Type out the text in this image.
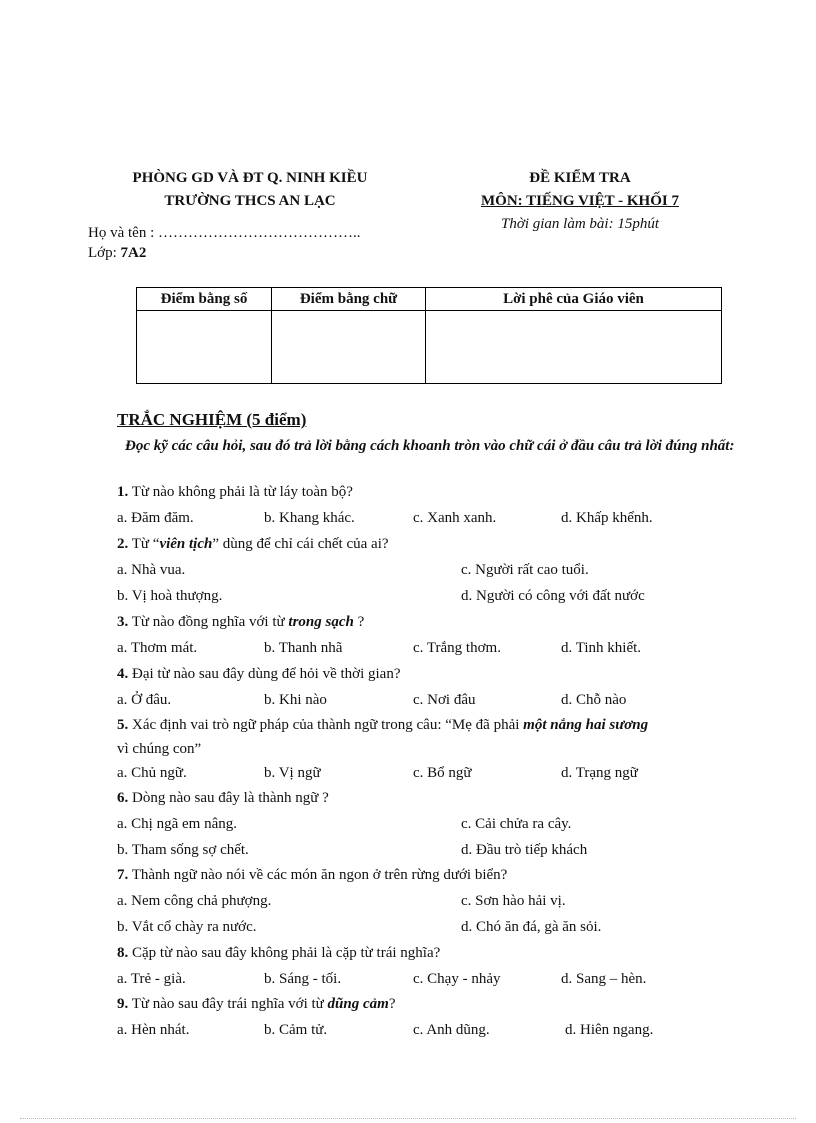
PHÒNG GD VÀ ĐT Q. NINH KIỀU
TRƯỜNG THCS AN LẠC
ĐỀ KIỂM TRA
MÔN: TIẾNG VIỆT - KHỐI 7
Thời gian làm bài: 15phút
Họ và tên : …………………………………..
Lớp: 7A2
Điểm bằng số	Điểm bằng chữ	Lời phê của Giáo viên

TRẮC NGHIỆM (5 điểm)
Đọc kỹ các câu hỏi, sau đó trả lời bằng cách khoanh tròn vào chữ cái ở đầu câu trả lời đúng nhất:
1. Từ nào không phải là từ láy toàn bộ?
a. Đăm đăm.	b. Khang khác.	c. Xanh xanh.	d. Khấp khểnh.
2. Từ “viên tịch” dùng để chỉ cái chết của ai?
a. Nhà vua.	c. Người rất cao tuổi.
b. Vị hoà thượng.	d. Người có công với đất nước
3. Từ nào đồng nghĩa với từ trong sạch ?
a. Thơm mát.	b. Thanh nhã	c. Trắng thơm.	d. Tinh khiết.
4. Đại từ nào sau đây dùng để hỏi về thời gian?
a. Ở đâu.	b. Khi nào	c. Nơi đâu	d. Chỗ nào
5. Xác định vai trò ngữ pháp của thành ngữ trong câu: “Mẹ đã phải một nắng hai sương
vì chúng con”
a. Chủ ngữ.	b. Vị ngữ	c. Bổ ngữ	d. Trạng ngữ
6. Dòng nào sau đây là thành ngữ ?
a. Chị ngã em nâng.	c. Cải chửa ra cây.
b. Tham sống sợ chết.	d. Đầu trò tiếp khách
7. Thành ngữ nào nói về các món ăn ngon ở trên rừng dưới biển?
a. Nem công chả phượng.	c. Sơn hào hải vị.
b. Vắt cổ chày ra nước.	d. Chó ăn đá, gà ăn sỏi.
8. Cặp từ nào sau đây không phải là cặp từ trái nghĩa?
a. Trẻ - già.	b. Sáng - tối.	c. Chạy - nhảy	d. Sang – hèn.
9. Từ nào sau đây trái nghĩa với từ dũng cảm?
a. Hèn nhát.	b. Cảm tử.	c. Anh dũng.	d. Hiên ngang.
